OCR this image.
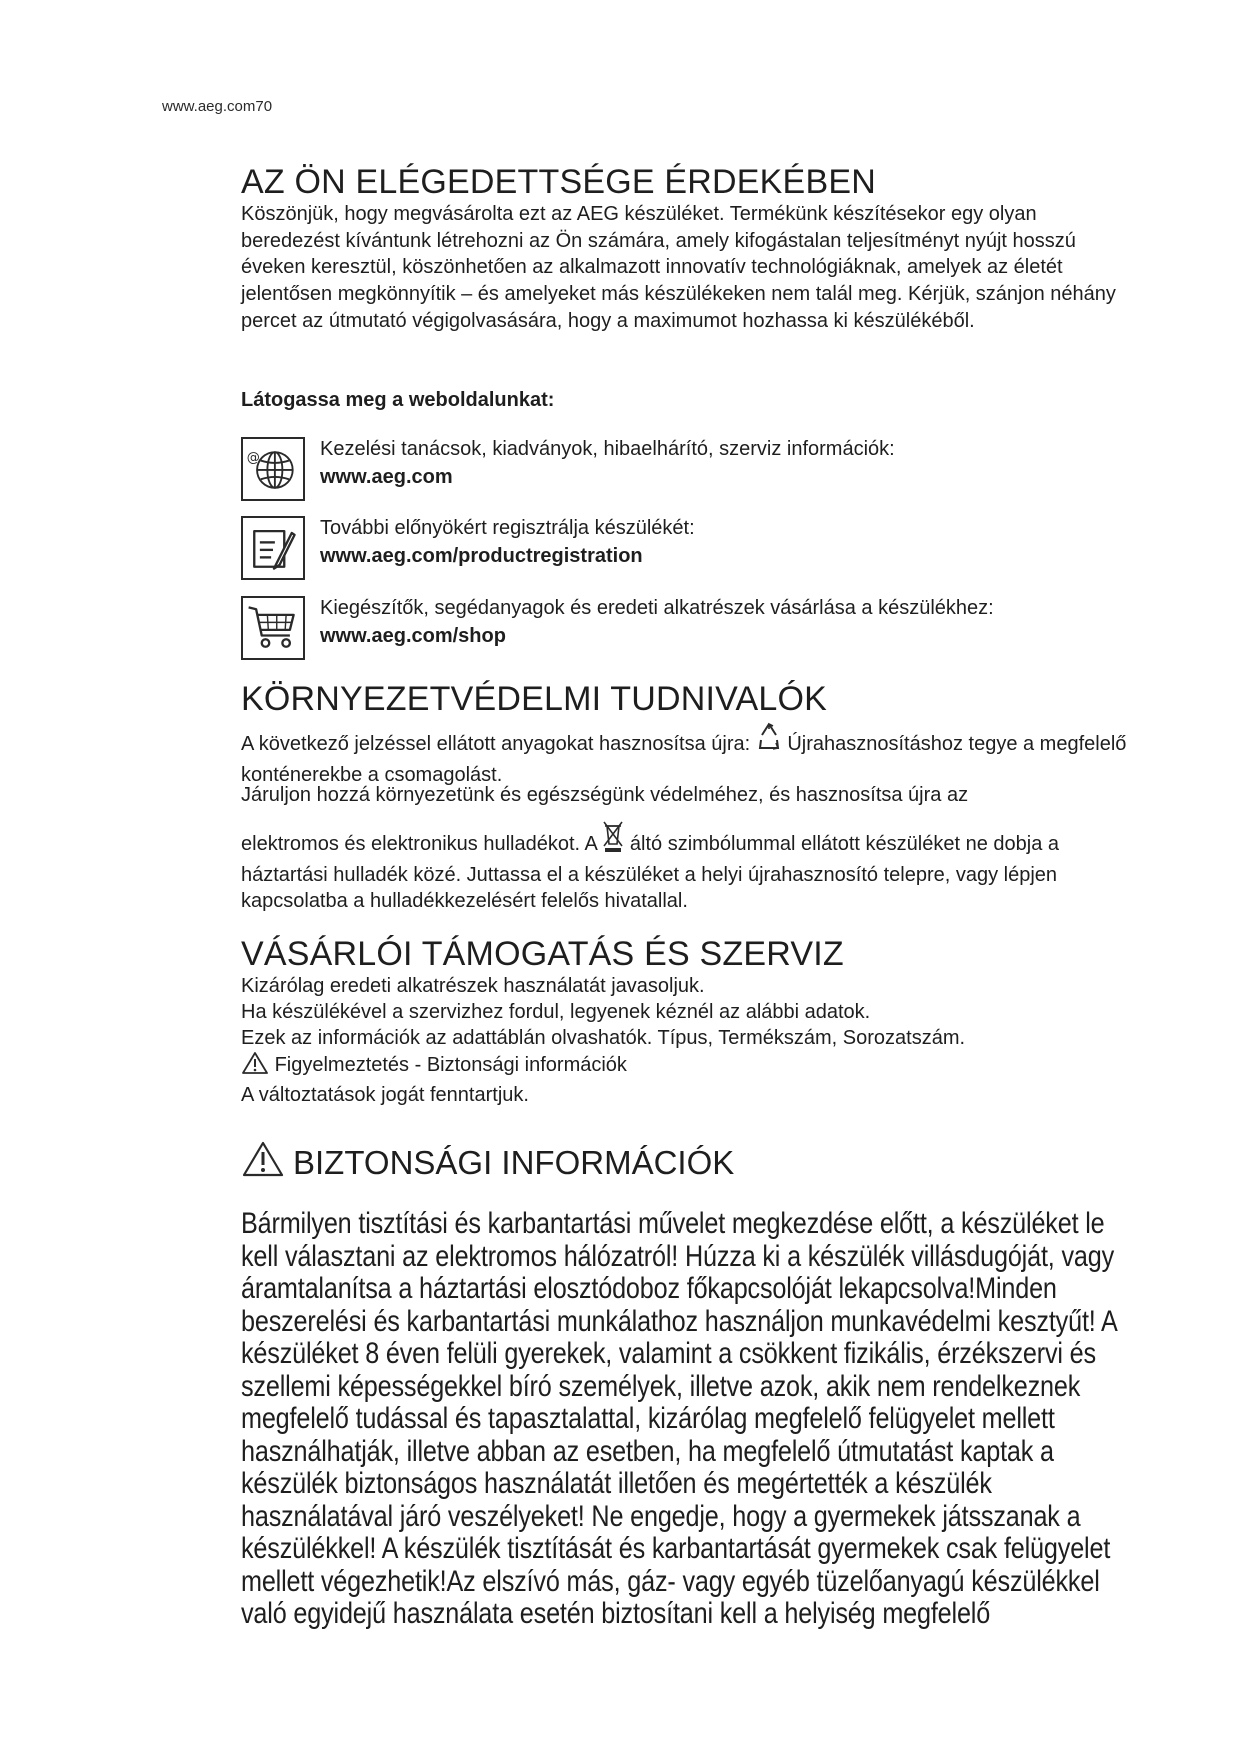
www.aeg.com70
AZ ÖN ELÉGEDETTSÉGE ÉRDEKÉBEN

Köszönjük, hogy megvásárolta ezt az AEG készüléket. Termékünk készítésekor egy olyan beredezést kívántunk létrehozni az Ön számára, amely kifogástalan teljesítményt nyújt hosszú éveken keresztül, köszönhetően az alkalmazott innovatív technológiáknak, amelyek az életét jelentősen megkönnyítik – és amelyeket más készülékeken nem talál meg. Kérjük, szánjon néhány percet az útmutató végigolvasására, hogy a maximumot hozhassa ki készülékéből.

Látogassa meg a weboldalunkat:

@	Kezelési tanácsok, kiadványok, hibaelhárító, szerviz információk:
www.aeg.com
További előnyökért regisztrálja készülékét:
www.aeg.com/productregistration
Kiegészítők, segédanyagok és eredeti alkatrészek vásárlása a készülékhez:
www.aeg.com/shop
KÖRNYEZETVÉDELMI TUDNIVALÓK
A következő jelzéssel ellátott anyagokat hasznosítsa újra: Újrahasznosításhoz tegye a megfelelő konténerekbe a csomagolást.

Járuljon hozzá környezetünk és egészségünk védelméhez, és hasznosítsa újra az

elektromos és elektronikus hulladékot. A áltó szimbólummal ellátott készüléket ne dobja a háztartási hulladék közé. Juttassa el a készüléket a helyi újrahasznosító telepre, vagy lépjen kapcsolatba a hulladékkezelésért felelős hivatallal.
VÁSÁRLÓI TÁMOGATÁS ÉS SZERVIZ
Kizárólag eredeti alkatrészek használatát javasoljuk.
Ha készülékével a szervizhez fordul, legyenek kéznél az alábbi adatok.
Ezek az információk az adattáblán olvashatók. Típus, Termékszám, Sorozatszám.
Figyelmeztetés - Biztonsági információk
A változtatások jogát fenntartjuk.
BIZTONSÁGI INFORMÁCIÓK

Bármilyen tisztítási és karbantartási művelet megkezdése előtt, a készüléket le kell választani az elektromos hálózatról! Húzza ki a készülék villásdugóját, vagy áramtalanítsa a háztartási elosztódoboz főkapcsolóját lekapcsolva!Minden beszerelési és karbantartási munkálathoz használjon munkavédelmi kesztyűt! A készüléket 8 éven felüli gyerekek, valamint a csökkent fizikális, érzékszervi és szellemi képességekkel bíró személyek, illetve azok, akik nem rendelkeznek megfelelő tudással és tapasztalattal, kizárólag megfelelő felügyelet mellett használhatják, illetve abban az esetben, ha megfelelő útmutatást kaptak a készülék biztonságos használatát illetően és megértették a készülék használatával járó veszélyeket! Ne engedje, hogy a gyermekek játsszanak a készülékkel! A készülék tisztítását és karbantartását gyermekek csak felügyelet mellett végezhetik!Az elszívó más, gáz- vagy egyéb tüzelőanyagú készülékkel való egyidejű használata esetén biztosítani kell a helyiség megfelelő
